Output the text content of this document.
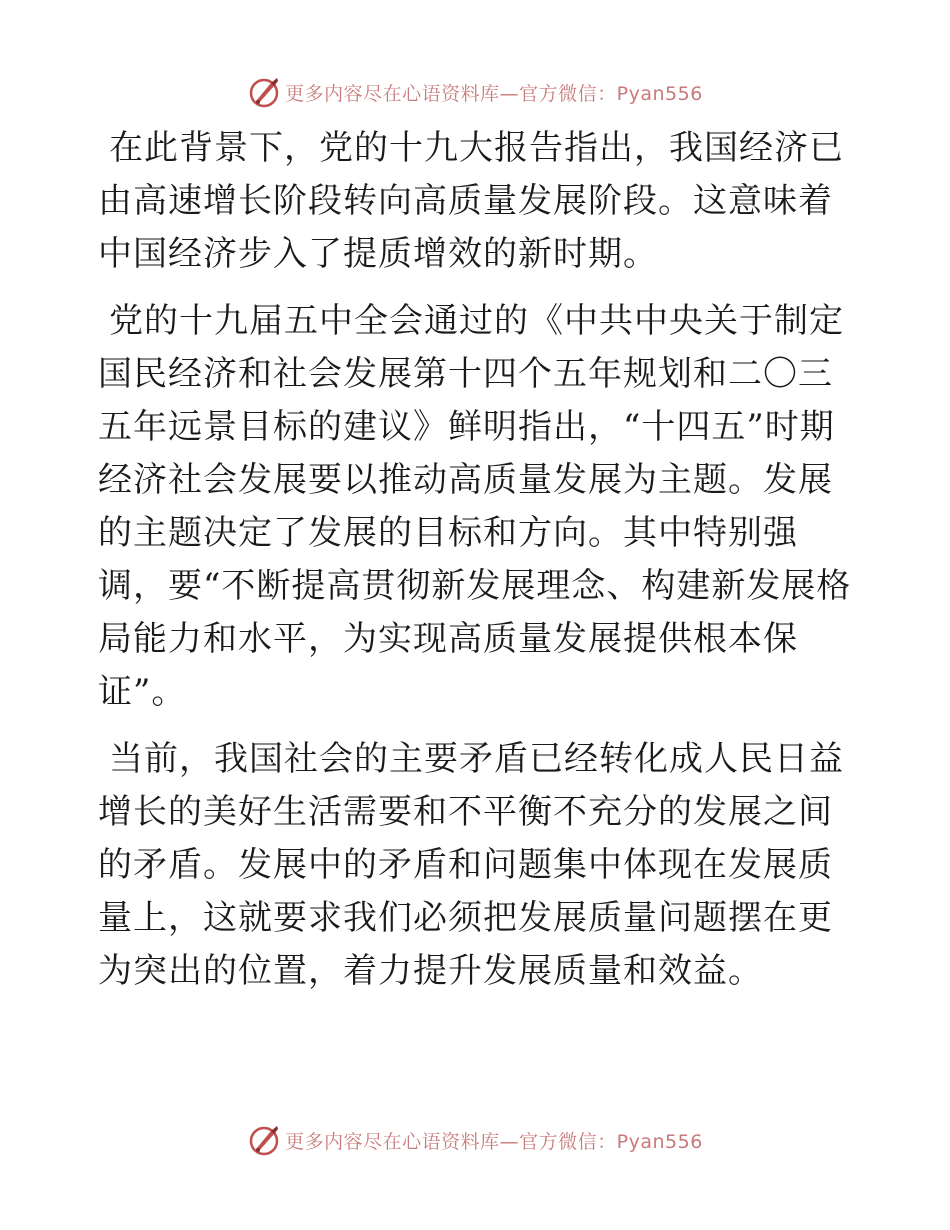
更多内容尽在心语资料库—官方微信：Pyan556

在此背景下，党的十九大报告指出，我国经济已由高速增长阶段转向高质量发展阶段。这意味着中国经济步入了提质增效的新时期。

党的十九届五中全会通过的《中共中央关于制定国民经济和社会发展第十四个五年规划和二〇三五年远景目标的建议》鲜明指出，“十四五”时期经济社会发展要以推动高质量发展为主题。发展的主题决定了发展的目标和方向。其中特别强调，要“不断提高贯彻新发展理念、构建新发展格局能力和水平，为实现高质量发展提供根本保证”。

当前，我国社会的主要矛盾已经转化成人民日益增长的美好生活需要和不平衡不充分的发展之间的矛盾。发展中的矛盾和问题集中体现在发展质量上，这就要求我们必须把发展质量问题摆在更为突出的位置，着力提升发展质量和效益。

更多内容尽在心语资料库—官方微信：Pyan556
